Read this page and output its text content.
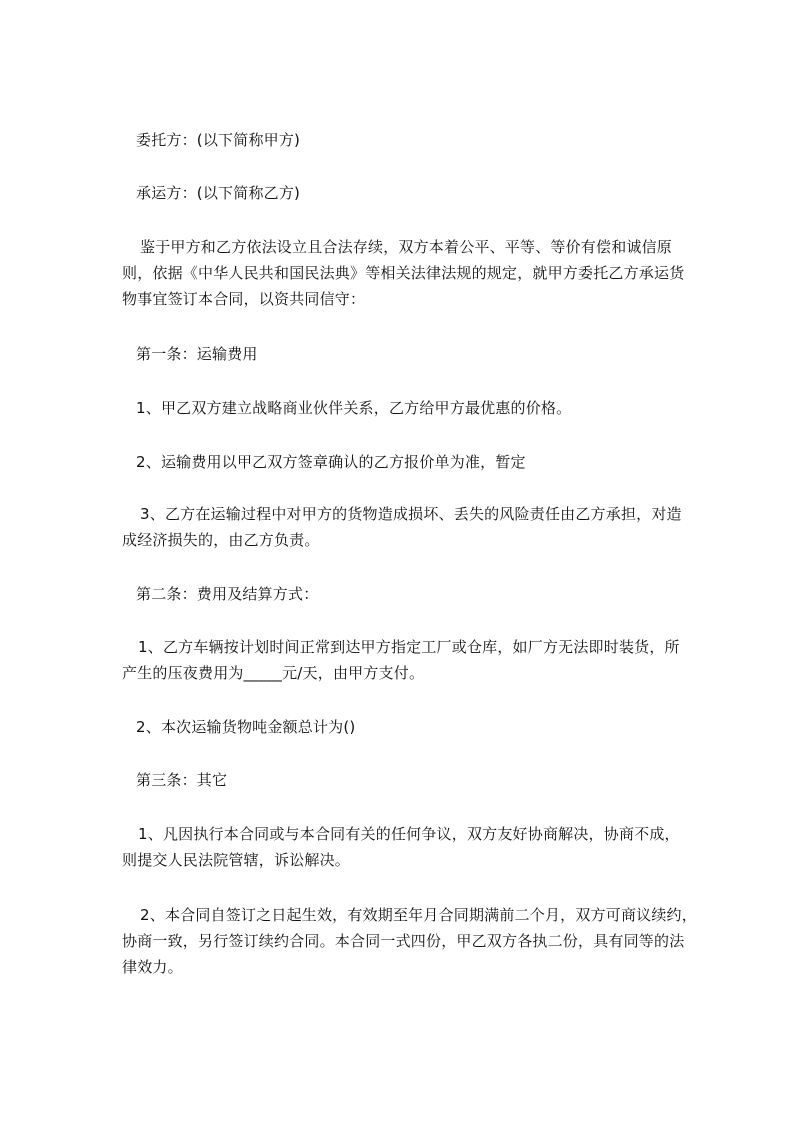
委托方：(以下简称甲方)
承运方：(以下简称乙方)
鉴于甲方和乙方依法设立且合法存续，双方本着公平、平等、等价有偿和诚信原
则，依据《中华人民共和国民法典》等相关法律法规的规定，就甲方委托乙方承运货
物事宜签订本合同，以资共同信守：
第一条：运输费用
1、甲乙双方建立战略商业伙伴关系，乙方给甲方最优惠的价格。
2、运输费用以甲乙双方签章确认的乙方报价单为准，暂定
3、乙方在运输过程中对甲方的货物造成损坏、丢失的风险责任由乙方承担，对造
成经济损失的，由乙方负责。
第二条：费用及结算方式：
1、乙方车辆按计划时间正常到达甲方指定工厂或仓库，如厂方无法即时装货，所
产生的压夜费用为_____元/天，由甲方支付。
2、本次运输货物吨金额总计为()
第三条：其它
1、凡因执行本合同或与本合同有关的任何争议，双方友好协商解决，协商不成，
则提交人民法院管辖，诉讼解决。
2、本合同自签订之日起生效，有效期至年月合同期满前二个月，双方可商议续约，
协商一致，另行签订续约合同。本合同一式四份，甲乙双方各执二份，具有同等的法
律效力。
